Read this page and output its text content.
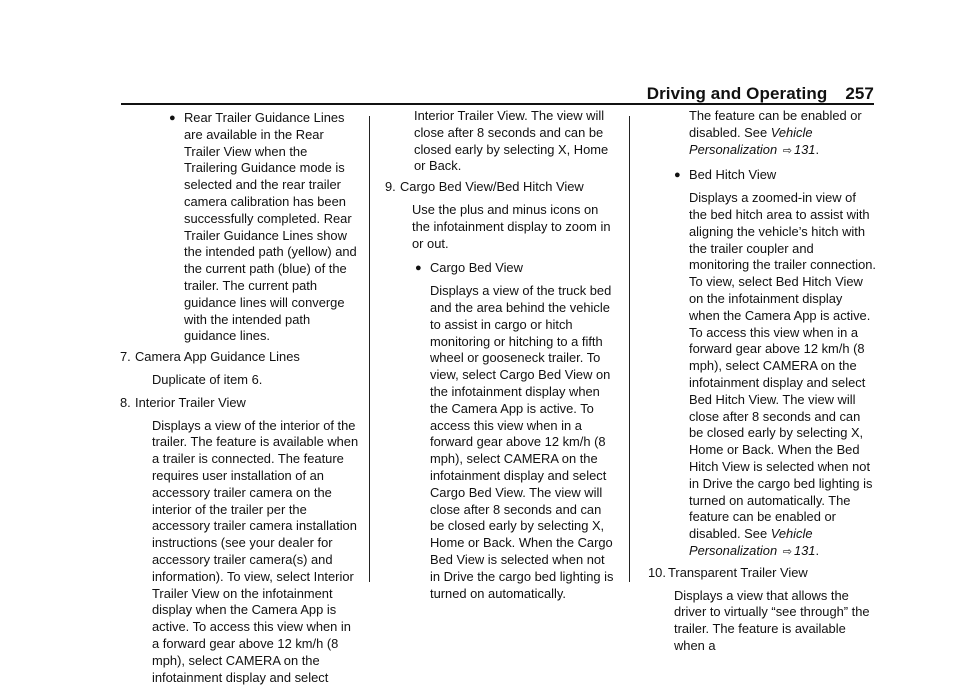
Driving and Operating 257
● Rear Trailer Guidance Lines are available in the Rear Trailer View when the Trailering Guidance mode is selected and the rear trailer camera calibration has been successfully completed. Rear Trailer Guidance Lines show the intended path (yellow) and the current path (blue) of the trailer. The current path guidance lines will converge with the intended path guidance lines.

7. Camera App Guidance Lines

Duplicate of item 6.

8. Interior Trailer View

Displays a view of the interior of the trailer. The feature is available when a trailer is connected. The feature requires user installation of an accessory trailer camera on the interior of the trailer per the accessory trailer camera installation instructions (see your dealer for accessory trailer camera(s) and information). To view, select Interior Trailer View on the infotainment display when the Camera App is active. To access this view when in a forward gear above 12 km/h (8 mph), select CAMERA on the infotainment display and select

Interior Trailer View. The view will close after 8 seconds and can be closed early by selecting X, Home or Back.

9. Cargo Bed View/Bed Hitch View

Use the plus and minus icons on the infotainment display to zoom in or out.

● Cargo Bed View

Displays a view of the truck bed and the area behind the vehicle to assist in cargo or hitch monitoring or hitching to a fifth wheel or gooseneck trailer. To view, select Cargo Bed View on the infotainment display when the Camera App is active. To access this view when in a forward gear above 12 km/h (8 mph), select CAMERA on the infotainment display and select Cargo Bed View. The view will close after 8 seconds and can be closed early by selecting X, Home or Back. When the Cargo Bed View is selected when not in Drive the cargo bed lighting is turned on automatically.

The feature can be enabled or disabled. See Vehicle Personalization ⇨ 131.

● Bed Hitch View

Displays a zoomed-in view of the bed hitch area to assist with aligning the vehicle’s hitch with the trailer coupler and monitoring the trailer connection. To view, select Bed Hitch View on the infotainment display when the Camera App is active. To access this view when in a forward gear above 12 km/h (8 mph), select CAMERA on the infotainment display and select Bed Hitch View. The view will close after 8 seconds and can be closed early by selecting X, Home or Back. When the Bed Hitch View is selected when not in Drive the cargo bed lighting is turned on automatically. The feature can be enabled or disabled. See Vehicle Personalization ⇨ 131.

10. Transparent Trailer View

Displays a view that allows the driver to virtually “see through” the trailer. The feature is available when a
